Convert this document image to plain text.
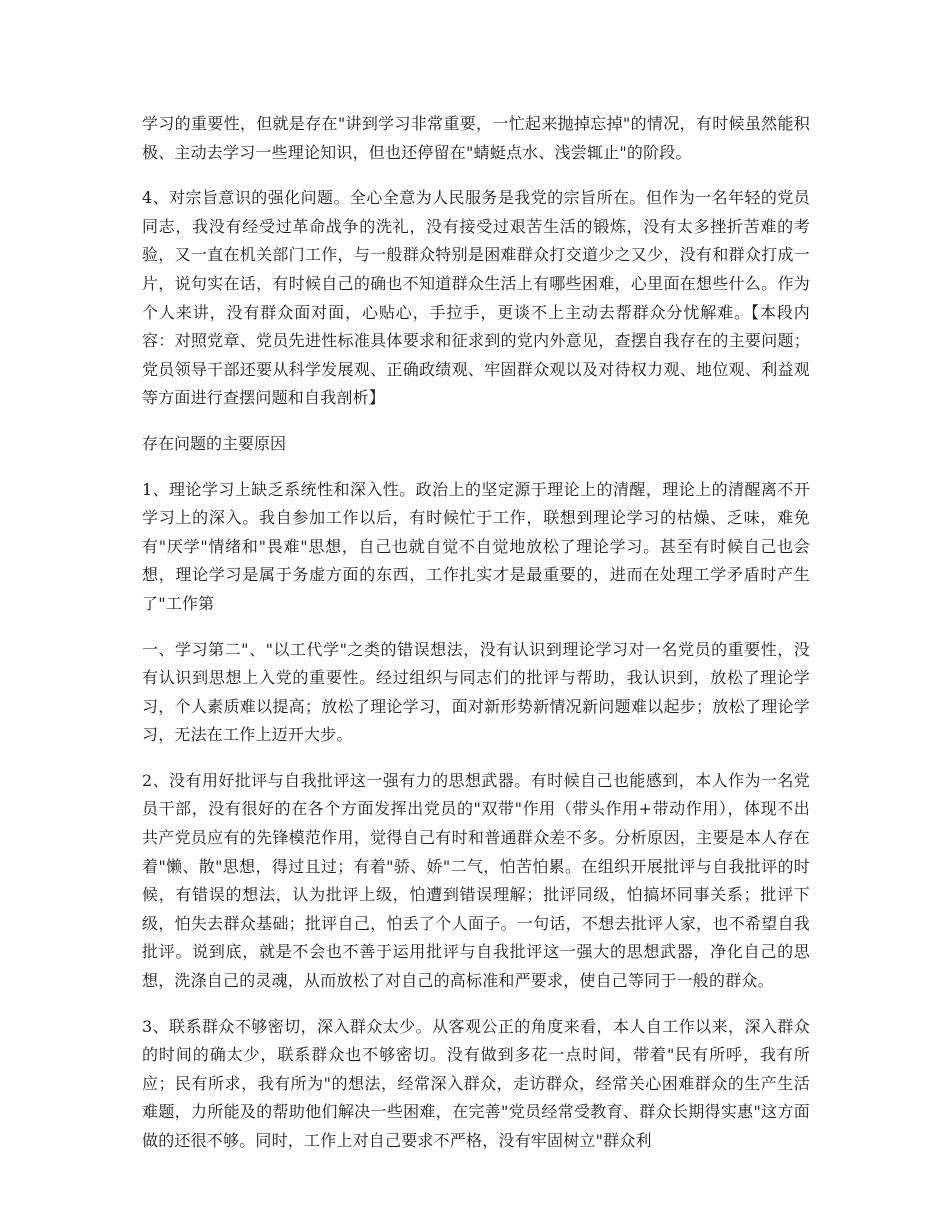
学习的重要性，但就是存在"讲到学习非常重要，一忙起来抛掉忘掉"的情况，有时候虽然能积极、主动去学习一些理论知识，但也还停留在"蜻蜓点水、浅尝辄止"的阶段。

4、对宗旨意识的强化问题。全心全意为人民服务是我党的宗旨所在。但作为一名年轻的党员同志，我没有经受过革命战争的洗礼，没有接受过艰苦生活的锻炼，没有太多挫折苦难的考验，又一直在机关部门工作，与一般群众特别是困难群众打交道少之又少，没有和群众打成一片，说句实在话，有时候自己的确也不知道群众生活上有哪些困难，心里面在想些什么。作为个人来讲，没有群众面对面，心贴心，手拉手，更谈不上主动去帮群众分忧解难。【本段内容：对照党章、党员先进性标准具体要求和征求到的党内外意见，查摆自我存在的主要问题；党员领导干部还要从科学发展观、正确政绩观、牢固群众观以及对待权力观、地位观、利益观等方面进行查摆问题和自我剖析】

存在问题的主要原因

1、理论学习上缺乏系统性和深入性。政治上的坚定源于理论上的清醒，理论上的清醒离不开学习上的深入。我自参加工作以后，有时候忙于工作，联想到理论学习的枯燥、乏味，难免有"厌学"情绪和"畏难"思想，自己也就自觉不自觉地放松了理论学习。甚至有时候自己也会想，理论学习是属于务虚方面的东西，工作扎实才是最重要的，进而在处理工学矛盾时产生了"工作第

一、学习第二"、"以工代学"之类的错误想法，没有认识到理论学习对一名党员的重要性，没有认识到思想上入党的重要性。经过组织与同志们的批评与帮助，我认识到，放松了理论学习，个人素质难以提高；放松了理论学习，面对新形势新情况新问题难以起步；放松了理论学习，无法在工作上迈开大步。

2、没有用好批评与自我批评这一强有力的思想武器。有时候自己也能感到，本人作为一名党员干部，没有很好的在各个方面发挥出党员的"双带"作用（带头作用+带动作用），体现不出共产党员应有的先锋模范作用，觉得自己有时和普通群众差不多。分析原因，主要是本人存在着"懒、散"思想，得过且过；有着"骄、娇"二气，怕苦怕累。在组织开展批评与自我批评的时候，有错误的想法，认为批评上级，怕遭到错误理解；批评同级，怕搞坏同事关系；批评下级，怕失去群众基础；批评自己，怕丢了个人面子。一句话，不想去批评人家，也不希望自我批评。说到底，就是不会也不善于运用批评与自我批评这一强大的思想武器，净化自己的思想，洗涤自己的灵魂，从而放松了对自己的高标准和严要求，使自己等同于一般的群众。

3、联系群众不够密切，深入群众太少。从客观公正的角度来看，本人自工作以来，深入群众的时间的确太少，联系群众也不够密切。没有做到多花一点时间，带着"民有所呼，我有所应；民有所求，我有所为"的想法，经常深入群众，走访群众，经常关心困难群众的生产生活难题，力所能及的帮助他们解决一些困难，在完善"党员经常受教育、群众长期得实惠"这方面做的还很不够。同时，工作上对自己要求不严格，没有牢固树立"群众利
